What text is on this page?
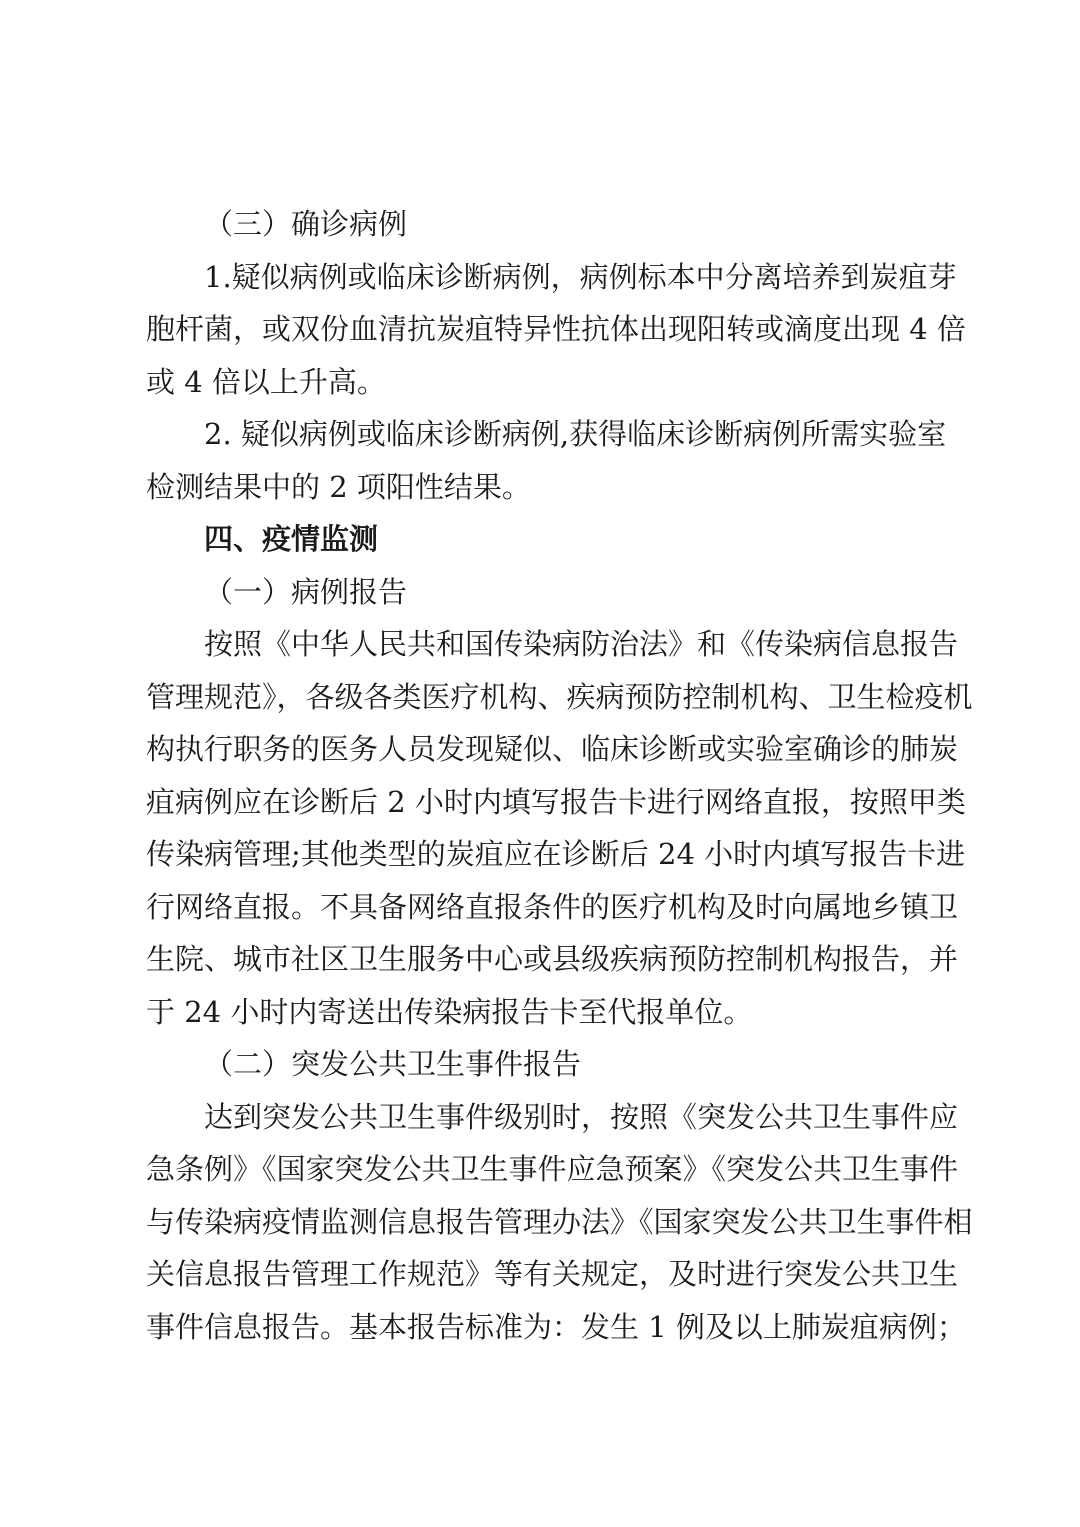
（三）确诊病例
1.疑似病例或临床诊断病例，病例标本中分离培养到炭疽芽
胞杆菌，或双份血清抗炭疽特异性抗体出现阳转或滴度出现 4 倍
或 4 倍以上升高。
2. 疑似病例或临床诊断病例,获得临床诊断病例所需实验室
检测结果中的 2 项阳性结果。
四、疫情监测
（一）病例报告
按照《中华人民共和国传染病防治法》和《传染病信息报告
管理规范》，各级各类医疗机构、疾病预防控制机构、卫生检疫机
构执行职务的医务人员发现疑似、临床诊断或实验室确诊的肺炭
疽病例应在诊断后 2 小时内填写报告卡进行网络直报，按照甲类
传染病管理;其他类型的炭疽应在诊断后 24 小时内填写报告卡进
行网络直报。不具备网络直报条件的医疗机构及时向属地乡镇卫
生院、城市社区卫生服务中心或县级疾病预防控制机构报告，并
于 24 小时内寄送出传染病报告卡至代报单位。
（二）突发公共卫生事件报告
达到突发公共卫生事件级别时，按照《突发公共卫生事件应
急条例》《国家突发公共卫生事件应急预案》《突发公共卫生事件
与传染病疫情监测信息报告管理办法》《国家突发公共卫生事件相
关信息报告管理工作规范》等有关规定，及时进行突发公共卫生
事件信息报告。基本报告标准为：发生 1 例及以上肺炭疽病例；
